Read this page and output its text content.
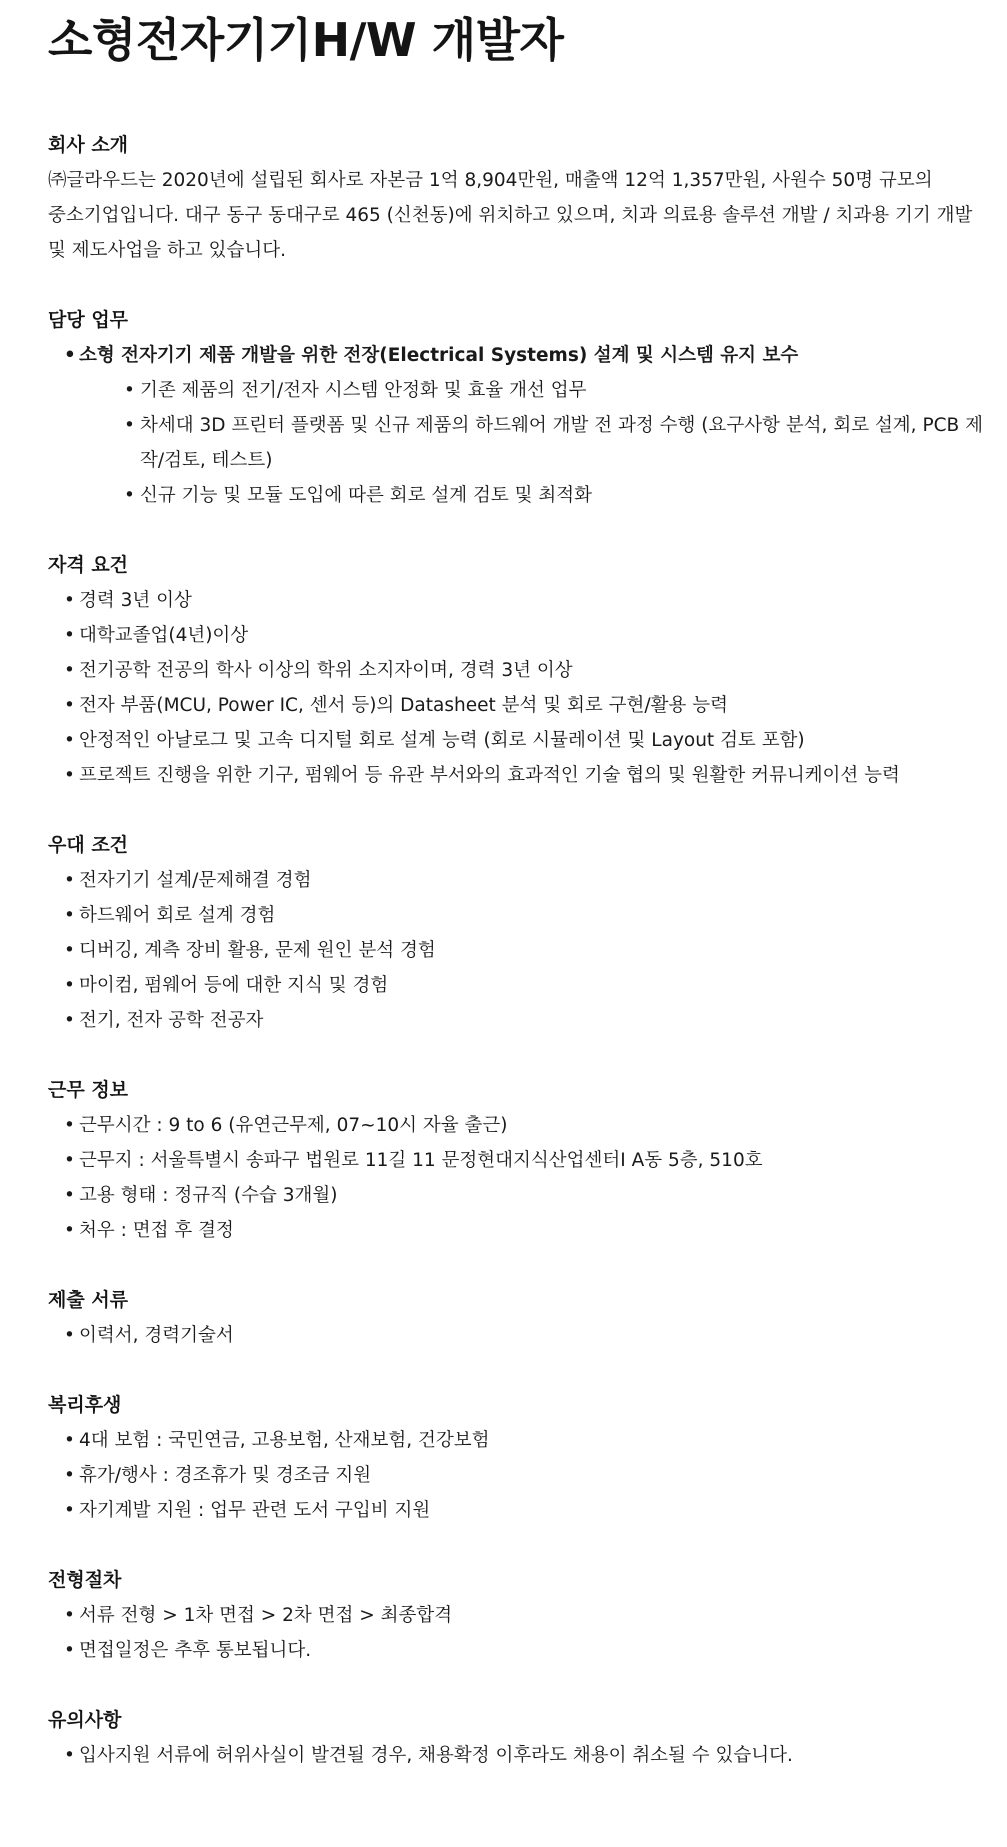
소형전자기기H/W 개발자
회사 소개

㈜글라우드는 2020년에 설립된 회사로 자본금 1억 8,904만원, 매출액 12억 1,357만원, 사원수 50명 규모의 중소기업입니다. 대구 동구 동대구로 465 (신천동)에 위치하고 있으며, 치과 의료용 솔루션 개발 / 치과용 기기 개발 및 제도사업을 하고 있습니다.

담당 업무
• 소형 전자기기 제품 개발을 위한 전장(Electrical Systems) 설계 및 시스템 유지 보수
• 기존 제품의 전기/전자 시스템 안정화 및 효율 개선 업무
• 차세대 3D 프린터 플랫폼 및 신규 제품의 하드웨어 개발 전 과정 수행 (요구사항 분석, 회로 설계, PCB 제작/검토, 테스트)
• 신규 기능 및 모듈 도입에 따른 회로 설계 검토 및 최적화
자격 요건
• 경력 3년 이상
• 대학교졸업(4년)이상
• 전기공학 전공의 학사 이상의 학위 소지자이며, 경력 3년 이상
• 전자 부품(MCU, Power IC, 센서 등)의 Datasheet 분석 및 회로 구현/활용 능력
• 안정적인 아날로그 및 고속 디지털 회로 설계 능력 (회로 시뮬레이션 및 Layout 검토 포함)
• 프로젝트 진행을 위한 기구, 펌웨어 등 유관 부서와의 효과적인 기술 협의 및 원활한 커뮤니케이션 능력
우대 조건
• 전자기기 설계/문제해결 경험
• 하드웨어 회로 설계 경험
• 디버깅, 계측 장비 활용, 문제 원인 분석 경험
• 마이컴, 펌웨어 등에 대한 지식 및 경험
• 전기, 전자 공학 전공자
근무 정보
• 근무시간 : 9 to 6 (유연근무제, 07~10시 자율 출근)
• 근무지 : 서울특별시 송파구 법원로 11길 11 문정현대지식산업센터I A동 5층, 510호
• 고용 형태 : 정규직 (수습 3개월)
• 처우 : 면접 후 결정
제출 서류
• 이력서, 경력기술서
복리후생
• 4대 보험 : 국민연금, 고용보험, 산재보험, 건강보험
• 휴가/행사 : 경조휴가 및 경조금 지원
• 자기계발 지원 : 업무 관련 도서 구입비 지원
전형절차
• 서류 전형 > 1차 면접 > 2차 면접 > 최종합격
• 면접일정은 추후 통보됩니다.
유의사항
• 입사지원 서류에 허위사실이 발견될 경우, 채용확정 이후라도 채용이 취소될 수 있습니다.
